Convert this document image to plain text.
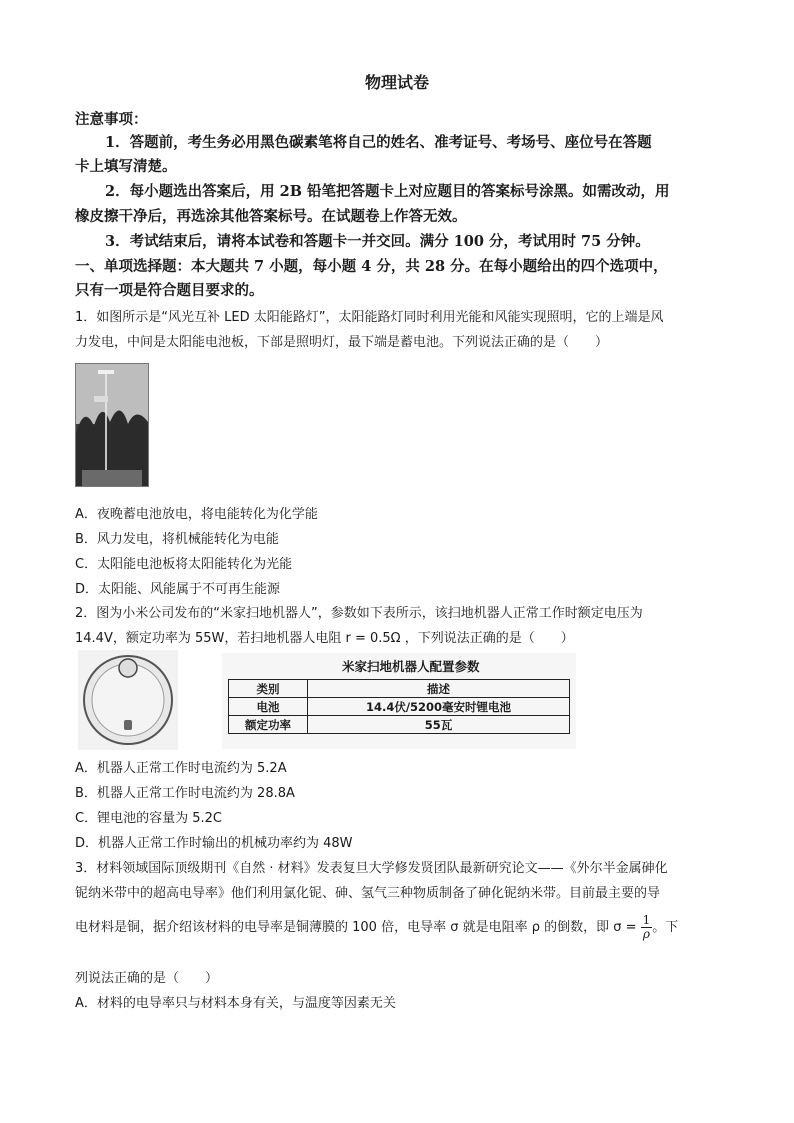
物理试卷
注意事项：
1．答题前，考生务必用黑色碳素笔将自己的姓名、准考证号、考场号、座位号在答题
卡上填写清楚。
2．每小题选出答案后，用 2B 铅笔把答题卡上对应题目的答案标号涂黑。如需改动，用
橡皮擦干净后，再选涂其他答案标号。在试题卷上作答无效。
3．考试结束后，请将本试卷和答题卡一并交回。满分 100 分，考试用时 75 分钟。
一、单项选择题：本大题共 7 小题，每小题 4 分，共 28 分。在每小题给出的四个选项中，
只有一项是符合题目要求的。
1．如图所示是“风光互补 LED 太阳能路灯”，太阳能路灯同时利用光能和风能实现照明，它的上端是风
力发电，中间是太阳能电池板，下部是照明灯，最下端是蓄电池。下列说法正确的是（　　）
A．夜晚蓄电池放电，将电能转化为化学能
B．风力发电，将机械能转化为电能
C．太阳能电池板将太阳能转化为光能
D．太阳能、风能属于不可再生能源
2．图为小米公司发布的“米家扫地机器人”，参数如下表所示，该扫地机器人正常工作时额定电压为
14.4V，额定功率为 55W，若扫地机器人电阻 r = 0.5Ω ，下列说法正确的是（　　）
米家扫地机器人配置参数
类别	描述
电池	14.4伏/5200毫安时锂电池
额定功率	55瓦
A．机器人正常工作时电流约为 5.2A
B．机器人正常工作时电流约为 28.8A
C．锂电池的容量为 5.2C
D．机器人正常工作时输出的机械功率约为 48W
3．材料领域国际顶级期刊《自然 · 材料》发表复旦大学修发贤团队最新研究论文——《外尔半金属砷化
铌纳米带中的超高电导率》他们利用氯化铌、砷、氢气三种物质制备了砷化铌纳米带。目前最主要的导
电材料是铜，据介绍该材料的电导率是铜薄膜的 100 倍，电导率 σ 就是电阻率 ρ 的倒数，即 $\sigma = \frac{1}{\rho}$ 。下
列说法正确的是（　　）
A．材料的电导率只与材料本身有关，与温度等因素无关
